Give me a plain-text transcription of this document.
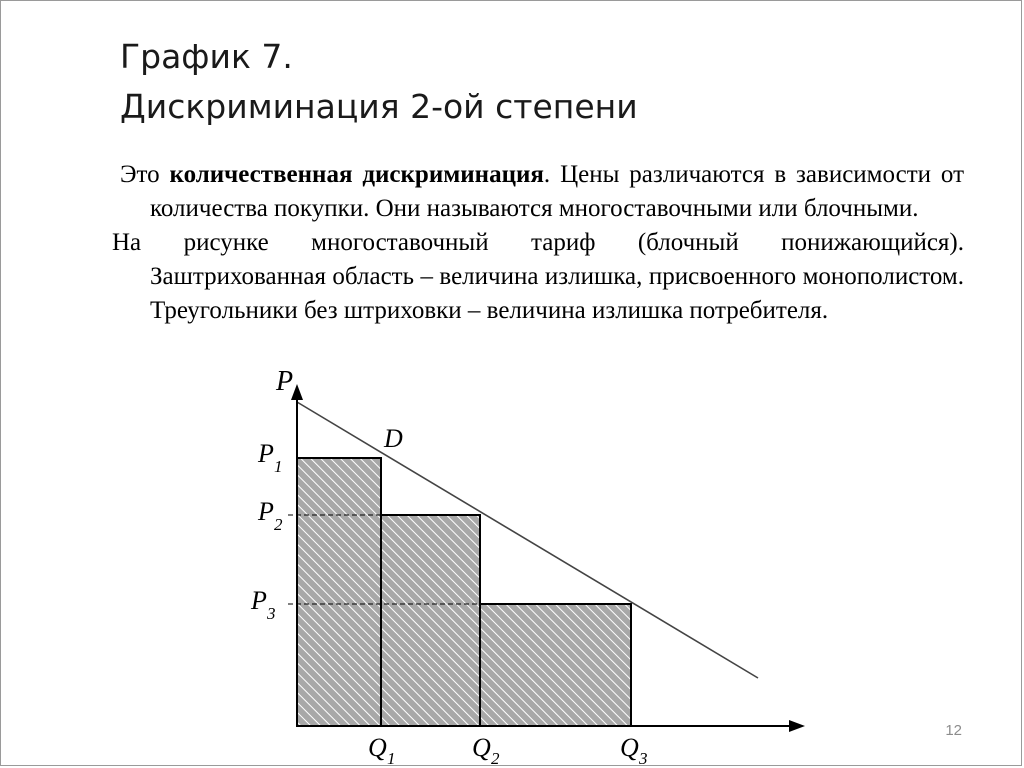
График 7.
Дискриминация 2-ой степени
Это количественная дискриминация. Цены различаются в зависимости от количества покупки. Они называются многоставочными или блочными.
На рисунке многоставочный тариф (блочный понижающийся). Заштрихованная область – величина излишка, присвоенного монополистом. Треугольники без штриховки – величина излишка потребителя.
P
D
P 1
P 2
P 3
Q 1	Q 2	Q 3
12
